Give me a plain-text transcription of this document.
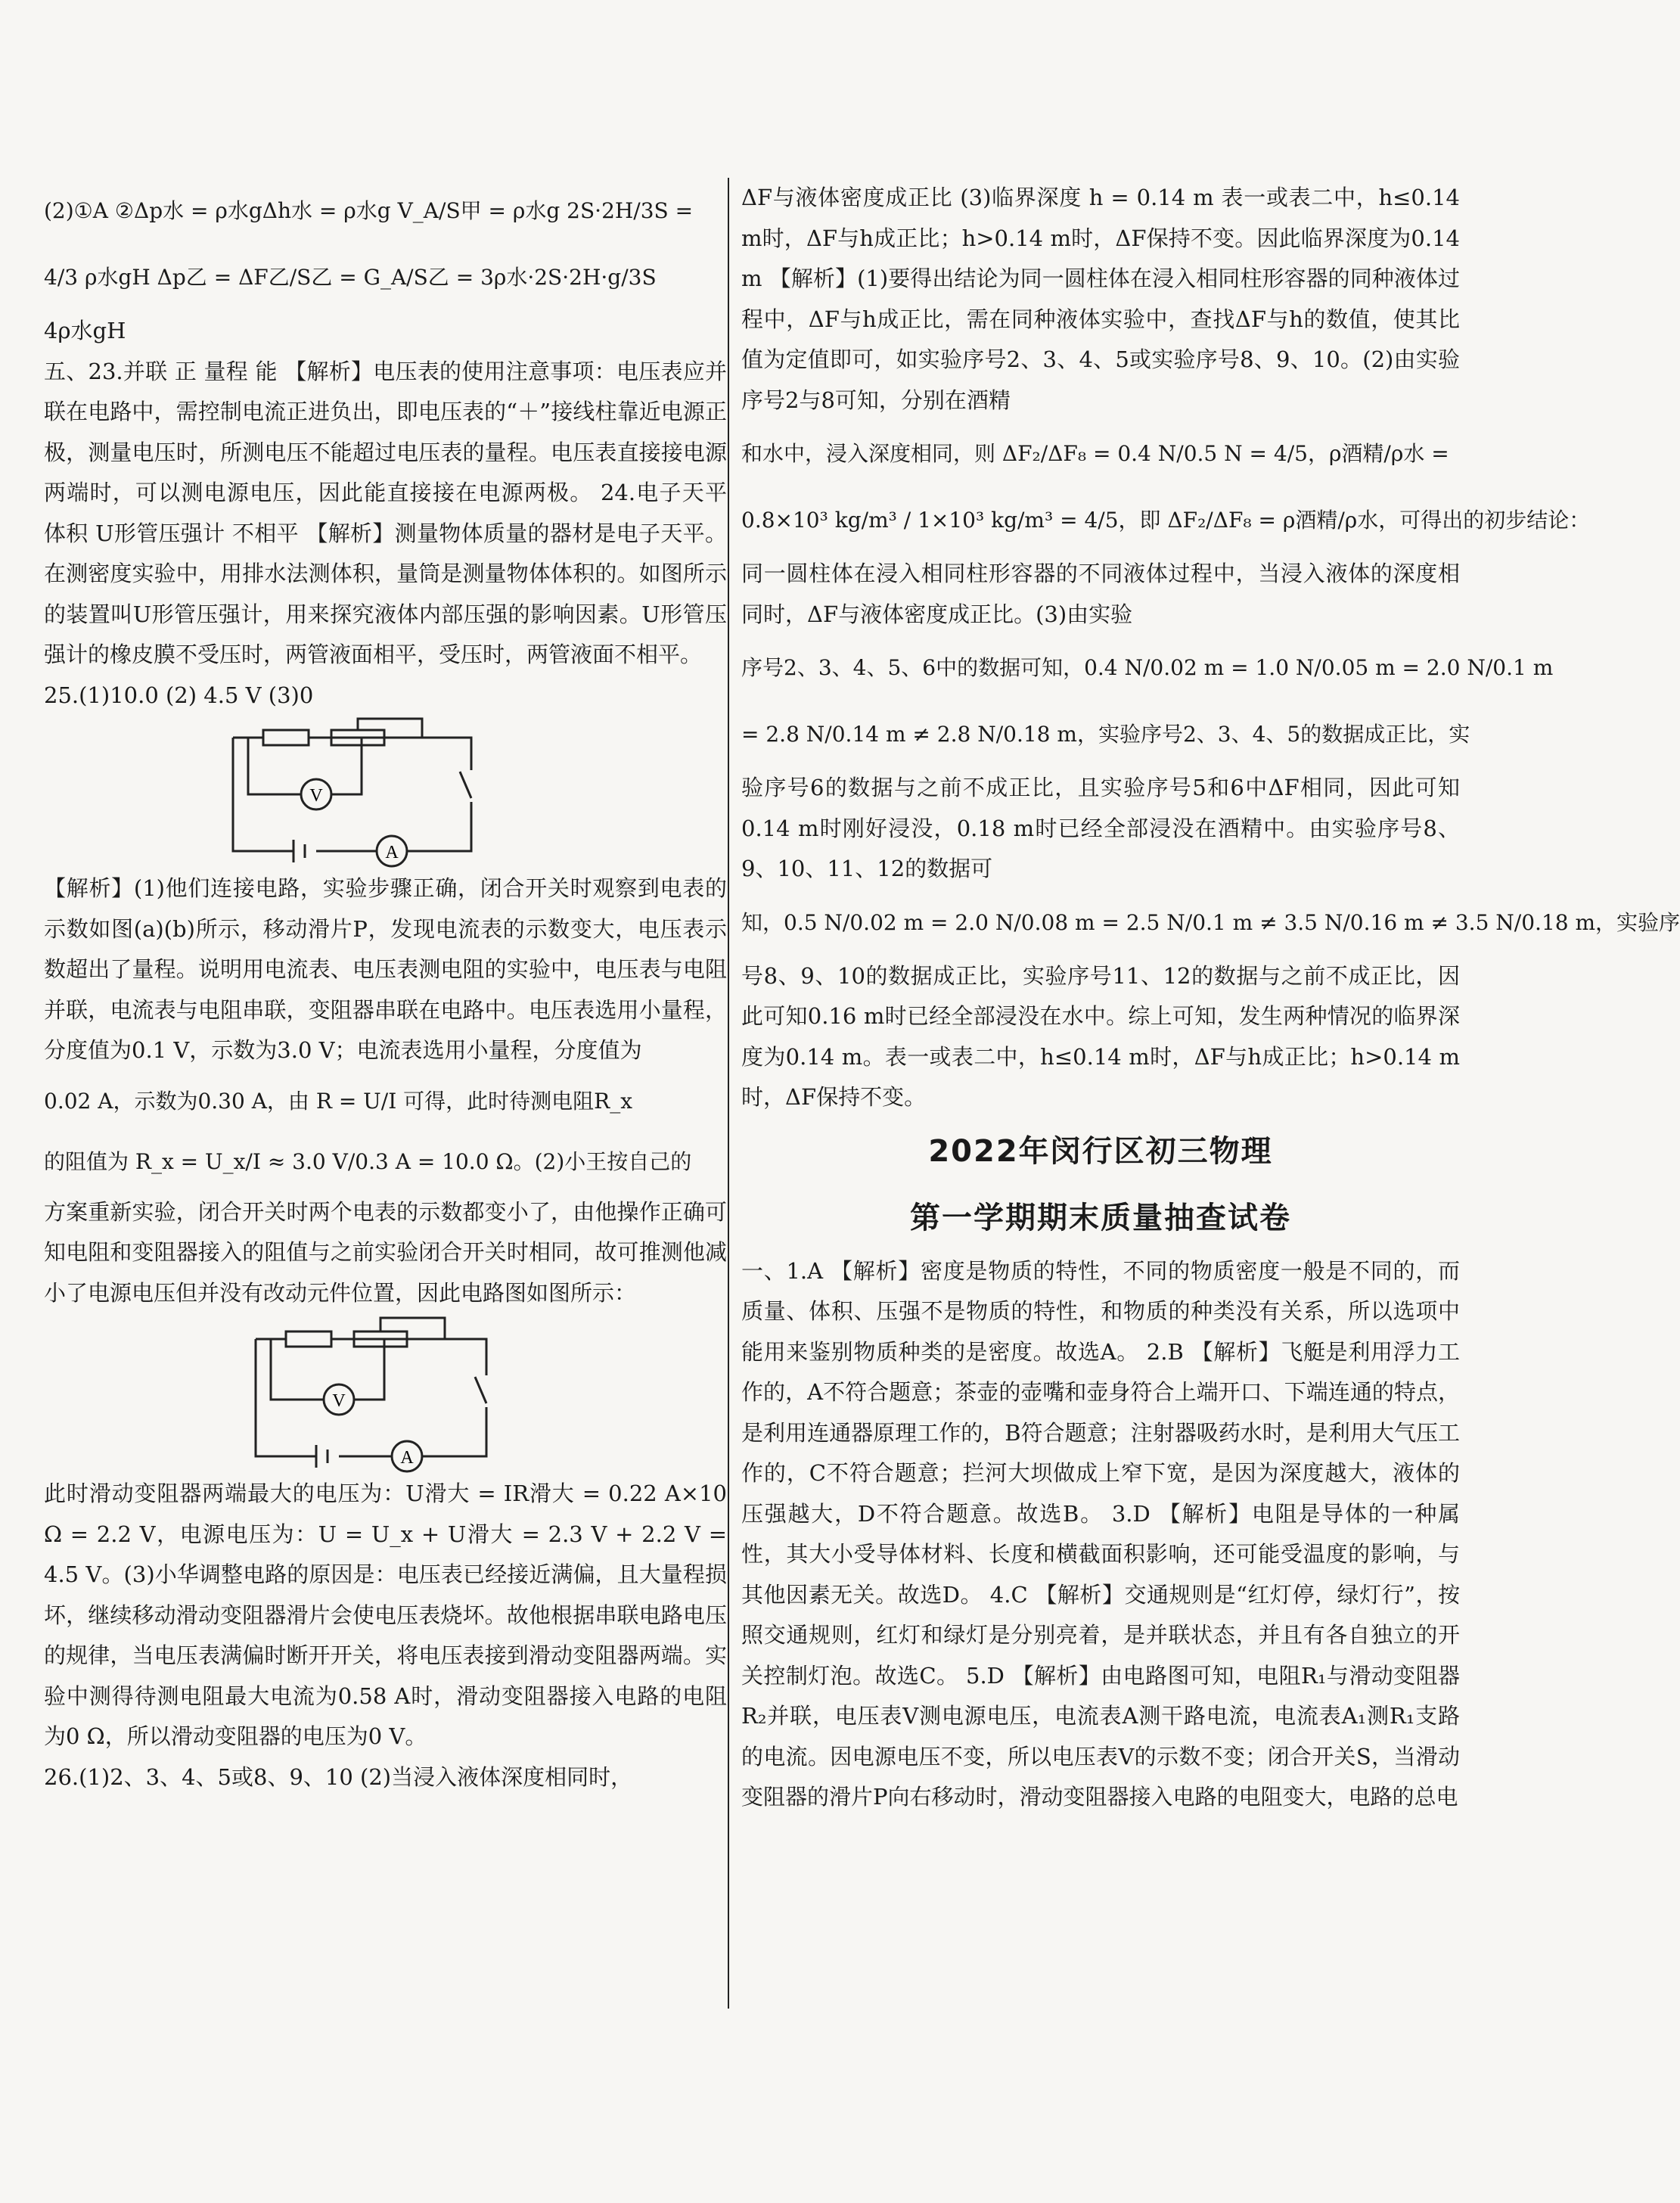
(2)①A ②Δp水 = ρ水gΔh水 = ρ水g V_A/S甲 = ρ水g 2S·2H/3S =

4/3 ρ水gH Δp乙 = ΔF乙/S乙 = G_A/S乙 = 3ρ水·2S·2H·g/3S

4ρ水gH

五、23.并联 正 量程 能 【解析】电压表的使用注意事项：电压表应并联在电路中，需控制电流正进负出，即电压表的“＋”接线柱靠近电源正极，测量电压时，所测电压不能超过电压表的量程。电压表直接接电源两端时，可以测电源电压，因此能直接接在电源两极。 24.电子天平 体积 U形管压强计 不相平 【解析】测量物体质量的器材是电子天平。在测密度实验中，用排水法测体积，量筒是测量物体体积的。如图所示的装置叫U形管压强计，用来探究液体内部压强的影响因素。U形管压强计的橡皮膜不受压时，两管液面相平，受压时，两管液面不相平。

25.(1)10.0 (2) 4.5 V (3)0

V
A

【解析】(1)他们连接电路，实验步骤正确，闭合开关时观察到电表的示数如图(a)(b)所示，移动滑片P，发现电流表的示数变大，电压表示数超出了量程。说明用电流表、电压表测电阻的实验中，电压表与电阻并联，电流表与电阻串联，变阻器串联在电路中。电压表选用小量程，分度值为0.1 V，示数为3.0 V；电流表选用小量程，分度值为

0.02 A，示数为0.30 A，由 R = U/I 可得，此时待测电阻R_x

的阻值为 R_x = U_x/I ≈ 3.0 V/0.3 A = 10.0 Ω。(2)小王按自己的

方案重新实验，闭合开关时两个电表的示数都变小了，由他操作正确可知电阻和变阻器接入的阻值与之前实验闭合开关时相同，故可推测他减小了电源电压但并没有改动元件位置，因此电路图如图所示：

V
A

此时滑动变阻器两端最大的电压为：U滑大 = IR滑大 = 0.22 A×10 Ω = 2.2 V，电源电压为：U = U_x + U滑大 = 2.3 V + 2.2 V = 4.5 V。(3)小华调整电路的原因是：电压表已经接近满偏，且大量程损坏，继续移动滑动变阻器滑片会使电压表烧坏。故他根据串联电路电压的规律，当电压表满偏时断开开关，将电压表接到滑动变阻器两端。实验中测得待测电阻最大电流为0.58 A时，滑动变阻器接入电路的电阻为0 Ω，所以滑动变阻器的电压为0 V。

26.(1)2、3、4、5或8、9、10 (2)当浸入液体深度相同时，

ΔF与液体密度成正比 (3)临界深度 h = 0.14 m 表一或表二中，h≤0.14 m时，ΔF与h成正比；h>0.14 m时，ΔF保持不变。因此临界深度为0.14 m 【解析】(1)要得出结论为同一圆柱体在浸入相同柱形容器的同种液体过程中，ΔF与h成正比，需在同种液体实验中，查找ΔF与h的数值，使其比值为定值即可，如实验序号2、3、4、5或实验序号8、9、10。(2)由实验序号2与8可知，分别在酒精

和水中，浸入深度相同，则 ΔF₂/ΔF₈ = 0.4 N/0.5 N = 4/5，ρ酒精/ρ水 =

0.8×10³ kg/m³ / 1×10³ kg/m³ = 4/5，即 ΔF₂/ΔF₈ = ρ酒精/ρ水，可得出的初步结论：

同一圆柱体在浸入相同柱形容器的不同液体过程中，当浸入液体的深度相同时，ΔF与液体密度成正比。(3)由实验

序号2、3、4、5、6中的数据可知，0.4 N/0.02 m = 1.0 N/0.05 m = 2.0 N/0.1 m

= 2.8 N/0.14 m ≠ 2.8 N/0.18 m，实验序号2、3、4、5的数据成正比，实

验序号6的数据与之前不成正比，且实验序号5和6中ΔF相同，因此可知0.14 m时刚好浸没，0.18 m时已经全部浸没在酒精中。由实验序号8、9、10、11、12的数据可

知，0.5 N/0.02 m = 2.0 N/0.08 m = 2.5 N/0.1 m ≠ 3.5 N/0.16 m ≠ 3.5 N/0.18 m，实验序

号8、9、10的数据成正比，实验序号11、12的数据与之前不成正比，因此可知0.16 m时已经全部浸没在水中。综上可知，发生两种情况的临界深度为0.14 m。表一或表二中，h≤0.14 m时，ΔF与h成正比；h>0.14 m时，ΔF保持不变。

2022年闵行区初三物理
第一学期期末质量抽查试卷

一、1.A 【解析】密度是物质的特性，不同的物质密度一般是不同的，而质量、体积、压强不是物质的特性，和物质的种类没有关系，所以选项中能用来鉴别物质种类的是密度。故选A。 2.B 【解析】飞艇是利用浮力工作的，A不符合题意；茶壶的壶嘴和壶身符合上端开口、下端连通的特点，是利用连通器原理工作的，B符合题意；注射器吸药水时，是利用大气压工作的，C不符合题意；拦河大坝做成上窄下宽，是因为深度越大，液体的压强越大，D不符合题意。故选B。 3.D 【解析】电阻是导体的一种属性，其大小受导体材料、长度和横截面积影响，还可能受温度的影响，与其他因素无关。故选D。 4.C 【解析】交通规则是“红灯停，绿灯行”，按照交通规则，红灯和绿灯是分别亮着，是并联状态，并且有各自独立的开关控制灯泡。故选C。 5.D 【解析】由电路图可知，电阻R₁与滑动变阻器R₂并联，电压表V测电源电压，电流表A测干路电流，电流表A₁测R₁支路的电流。因电源电压不变，所以电压表V的示数不变；闭合开关S，当滑动变阻器的滑片P向右移动时，滑动变阻器接入电路的电阻变大，电路的总电
